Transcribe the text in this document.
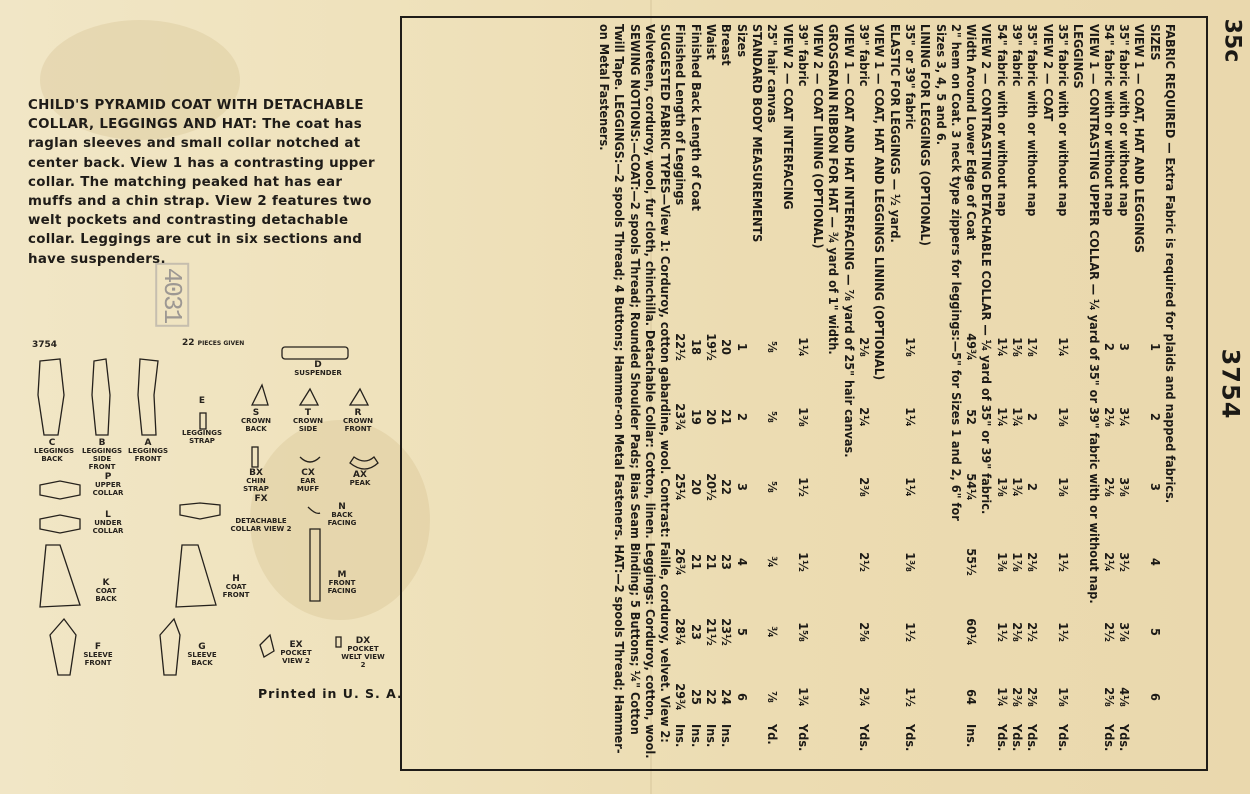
CHILD'S PYRAMID COAT WITH DETACHABLE COLLAR, LEGGINGS AND HAT: The coat has raglan sleeves and small collar notched at center back. View 1 has a contrasting upper collar. The matching peaked hat has ear muffs and a chin strap. View 2 features two welt pockets and contrasting detachable collar. Leggings are cut in six sections and have suspenders.
4031
3754	22 PIECES GIVEN
D
SUSPENDER
C
LEGGINGS BACK
B
LEGGINGS SIDE FRONT
A
LEGGINGS FRONT
E
LEGGINGS STRAP
S
CROWN BACK
T
CROWN SIDE
R
CROWN FRONT
P
UPPER COLLAR
BX
CHIN STRAP
CX
EAR MUFF
AX
PEAK
L
UNDER COLLAR
FX
DETACHABLE COLLAR VIEW 2
N
BACK FACING
K
COAT BACK
H
COAT FRONT
M
FRONT FACING
F
SLEEVE FRONT
G
SLEEVE BACK
EX
POCKET VIEW 2
DX
POCKET WELT VIEW 2
Printed in U. S. A.
35c
3754
FABRIC REQUIRED — Extra Fabric is required for plaids and napped fabrics.
SIZES
1
2
3
4
5
6
VIEW 1 — COAT, HAT AND LEGGINGS
35" fabric with or without nap
3
3¼
3⅜
3½
3⅞
4⅛
Yds.
54" fabric with or without nap
2
2⅛
2⅛
2¼
2½
2⅝
Yds.
VIEW 1 — CONTRASTING UPPER COLLAR — ¼ yard of 35" or 39" fabric with or without nap.
LEGGINGS
35" fabric with or without nap
1¼
1⅜
1⅜
1½
1½
1⅝
Yds.
VIEW 2 — COAT
35" fabric with or without nap
1⅞
2
2
2⅛
2½
2⅝
Yds.
39" fabric
1⅝
1¾
1¾
1⅞
2⅛
2⅜
Yds.
54" fabric with or without nap
1¼
1¼
1⅜
1⅜
1½
1¾
Yds.
VIEW 2 — CONTRASTING DETACHABLE COLLAR — ¼ yard of 35" or 39" fabric.
Width Around Lower Edge of Coat
49¾
52
54¼
55½
60¼
64
Ins.
2" hem on Coat. 3 neck type zippers for leggings:—5" for Sizes 1 and 2, 6" for
Sizes 3, 4, 5 and 6.
LINING FOR LEGGINGS (OPTIONAL)
35" or 39" fabric
1⅛
1¼
1¼
1⅜
1½
1½
Yds.
ELASTIC FOR LEGGINGS — ½ yard.
VIEW 1 — COAT, HAT AND LEGGINGS LINING (OPTIONAL)
39" fabric
2⅛
2¼
2⅜
2½
2⅝
2¾
Yds.
VIEW 1 — COAT AND HAT INTERFACING — ⅞ yard of 25" hair canvas.
GROSGRAIN RIBBON FOR HAT — ¾ yard of 1" width.
VIEW 2 — COAT LINING (OPTIONAL)
39" fabric
1¼
1⅜
1½
1½
1⅝
1¾
Yds.
VIEW 2 — COAT INTERFACING
25" hair canvas
⅝
⅝
⅝
¾
¾
⅞
Yd.
STANDARD BODY MEASUREMENTS
Sizes
1
2
3
4
5
6
Breast
20
21
22
23
23½
24
Ins.
Waist
19½
20
20½
21
21½
22
Ins.
Finished Back Length of Coat
18
19
20
21
23
25
Ins.
Finished Length of Leggings
22½
23¾
25¼
26¾
28¼
29¾
Ins.
SUGGESTED FABRIC TYPES—View 1: Corduroy, cotton gabardine, wool. Contrast: Faille, corduroy, velvet. View 2: Velveteen, corduroy, wool, fur cloth, chinchilla. Detachable Collar: Cotton, linen. Leggings: Corduroy, cotton, wool.
SEWING NOTIONS:—COAT:—2 spools Thread; Rounded Shoulder Pads; Bias Seam Binding; 5 Buttons; ¼" Cotton Twill Tape. LEGGINGS:—2 spools Thread; 4 Buttons; Hammer-on Metal Fasteners. HAT:—2 spools Thread; Hammer-on Metal Fasteners.
